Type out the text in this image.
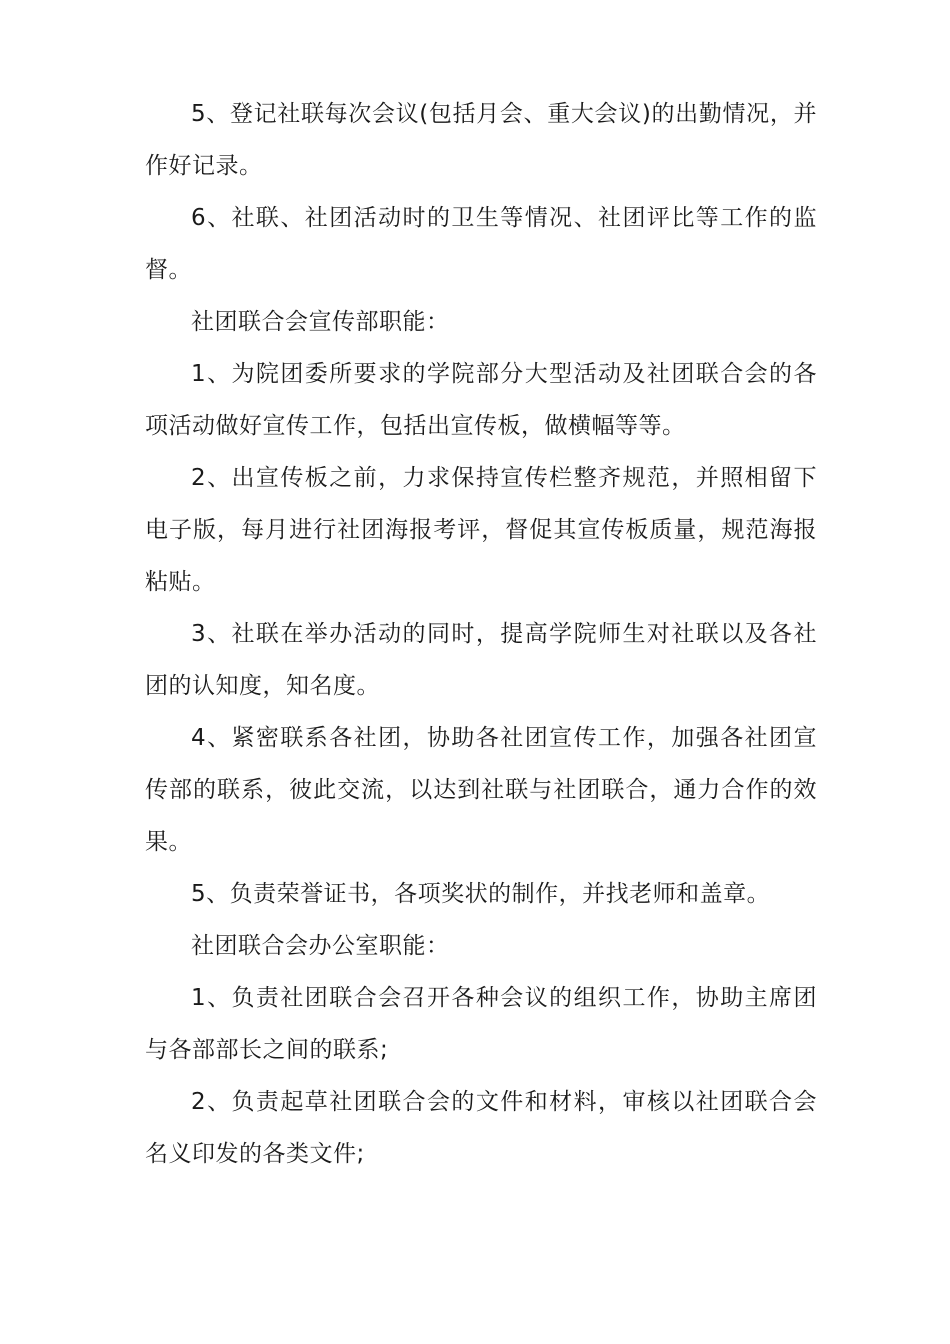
5、登记社联每次会议(包括月会、重大会议)的出勤情况，并作好记录。

6、社联、社团活动时的卫生等情况、社团评比等工作的监督。

社团联合会宣传部职能：

1、为院团委所要求的学院部分大型活动及社团联合会的各项活动做好宣传工作，包括出宣传板，做横幅等等。

2、出宣传板之前，力求保持宣传栏整齐规范，并照相留下电子版，每月进行社团海报考评，督促其宣传板质量，规范海报粘贴。

3、社联在举办活动的同时，提高学院师生对社联以及各社团的认知度，知名度。

4、紧密联系各社团，协助各社团宣传工作，加强各社团宣传部的联系，彼此交流，以达到社联与社团联合，通力合作的效果。

5、负责荣誉证书，各项奖状的制作，并找老师和盖章。

社团联合会办公室职能：

1、负责社团联合会召开各种会议的组织工作，协助主席团与各部部长之间的联系;

2、负责起草社团联合会的文件和材料，审核以社团联合会名义印发的各类文件;
